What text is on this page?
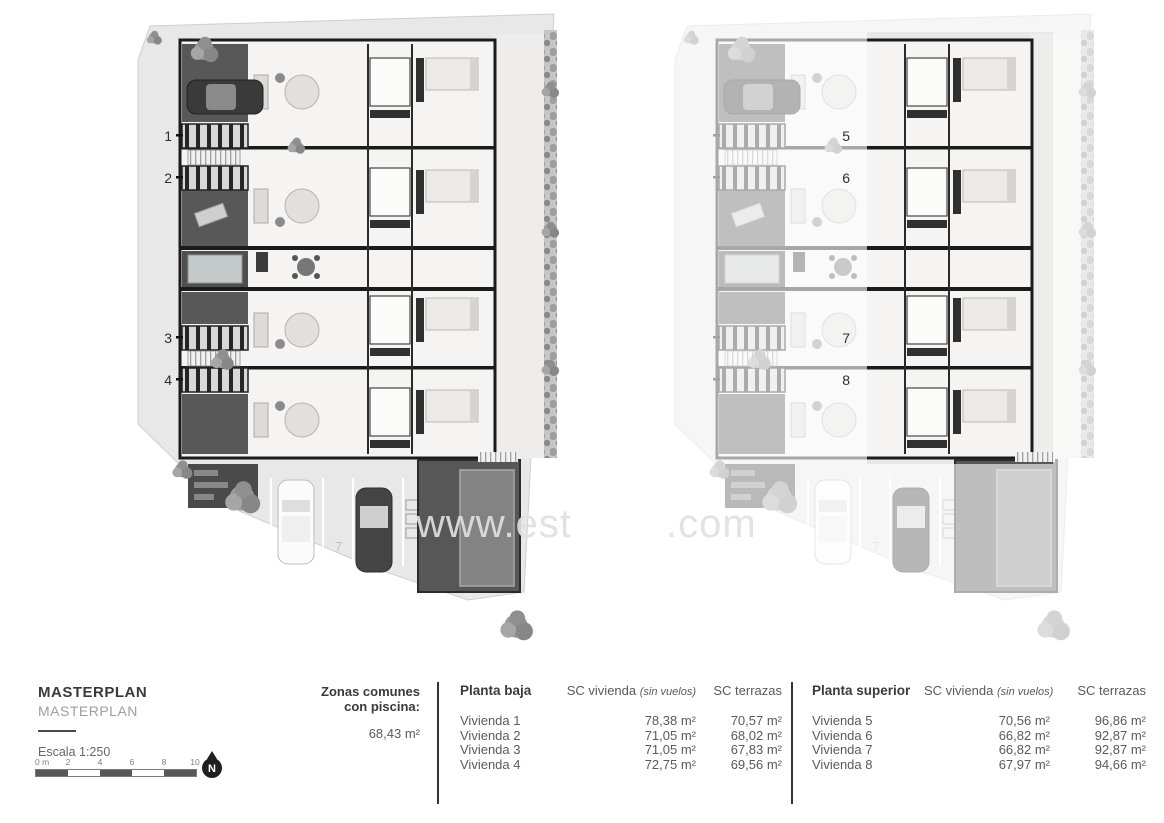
1
2
3
4
5
6
7
8
www.est .com
MASTERPLAN
MASTERPLAN
Escala 1:250
0 m 2	4	6	8	10
N
Zonas comunes
con piscina:
68,43 m²
Planta baja	SC vivienda (sin vuelos)	SC terrazas
Vivienda 1	78,38 m²	70,57 m²
Vivienda 2	71,05 m²	68,02 m²
Vivienda 3	71,05 m²	67,83 m²
Vivienda 4	72,75 m²	69,56 m²
Planta superior	SC vivienda (sin vuelos)	SC terrazas
Vivienda 5	70,56 m²	96,86 m²
Vivienda 6	66,82 m²	92,87 m²
Vivienda 7	66,82 m²	92,87 m²
Vivienda 8	67,97 m²	94,66 m²
